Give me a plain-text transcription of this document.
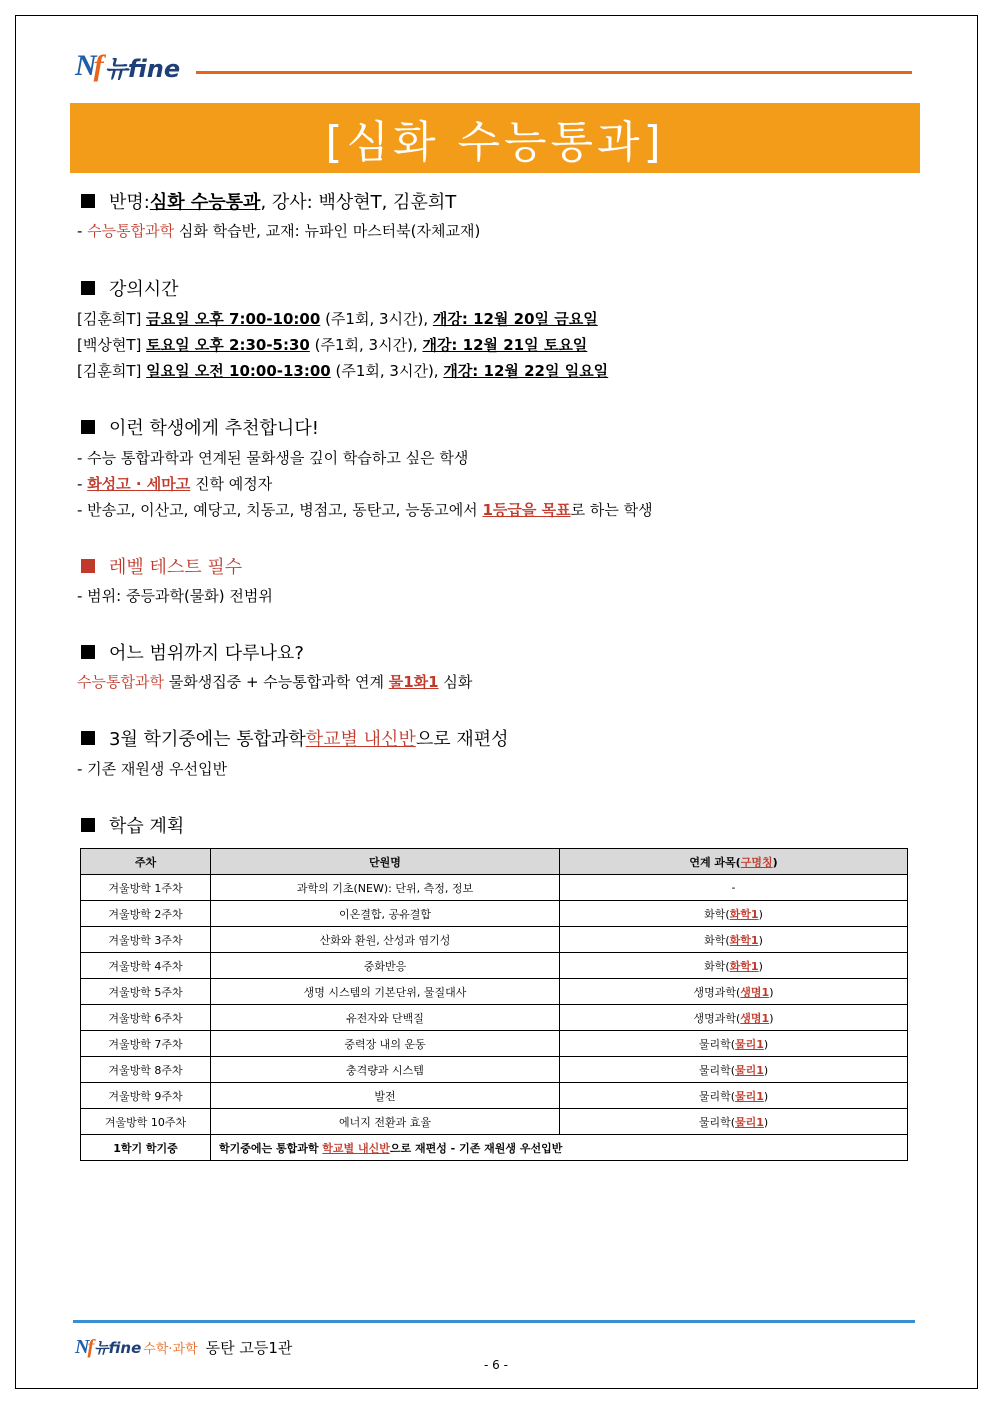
Nf 뉴fine
[심화 수능통과]
반명: 심화 수능통과 , 강사: 백상현T, 김훈희T
- 수능통합과학 심화 학습반, 교재: 뉴파인 마스터북(자체교재)
강의시간
[김훈희T] 금요일 오후 7:00-10:00 (주1회, 3시간), 개강: 12월 20일 금요일
[백상현T] 토요일 오후 2:30-5:30 (주1회, 3시간), 개강: 12월 21일 토요일
[김훈희T] 일요일 오전 10:00-13:00 (주1회, 3시간), 개강: 12월 22일 일요일
이런 학생에게 추천합니다!
- 수능 통합과학과 연계된 물화생을 깊이 학습하고 싶은 학생
- 화성고 · 세마고 진학 예정자
- 반송고, 이산고, 예당고, 치동고, 병점고, 동탄고, 능동고에서 1등급을 목표로 하는 학생
레벨 테스트 필수
- 범위: 중등과학(물화) 전범위
어느 범위까지 다루나요?
수능통합과학 물화생집중 + 수능통합과학 연계 물1화1 심화
3월 학기중에는 통합과학 학교별 내신반 으로 재편성
- 기존 재원생 우선입반
학습 계획
주차	단원명	연계 과목(구명칭)
겨울방학 1주차	과학의 기초(NEW): 단위, 측정, 정보	-
겨울방학 2주차	이온결합, 공유결합	화학(화학1)
겨울방학 3주차	산화와 환원, 산성과 염기성	화학(화학1)
겨울방학 4주차	중화반응	화학(화학1)
겨울방학 5주차	생명 시스템의 기본단위, 물질대사	생명과학(생명1)
겨울방학 6주차	유전자와 단백질	생명과학(생명1)
겨울방학 7주차	중력장 내의 운동	물리학(물리1)
겨울방학 8주차	충격량과 시스템	물리학(물리1)
겨울방학 9주차	발전	물리학(물리1)
겨울방학 10주차	에너지 전환과 효율	물리학(물리1)
1학기 학기중	학기중에는 통합과학 학교별 내신반으로 재편성 - 기존 재원생 우선입반	
Nf 뉴fine 수학·과학 동탄 고등1관
- 6 -
